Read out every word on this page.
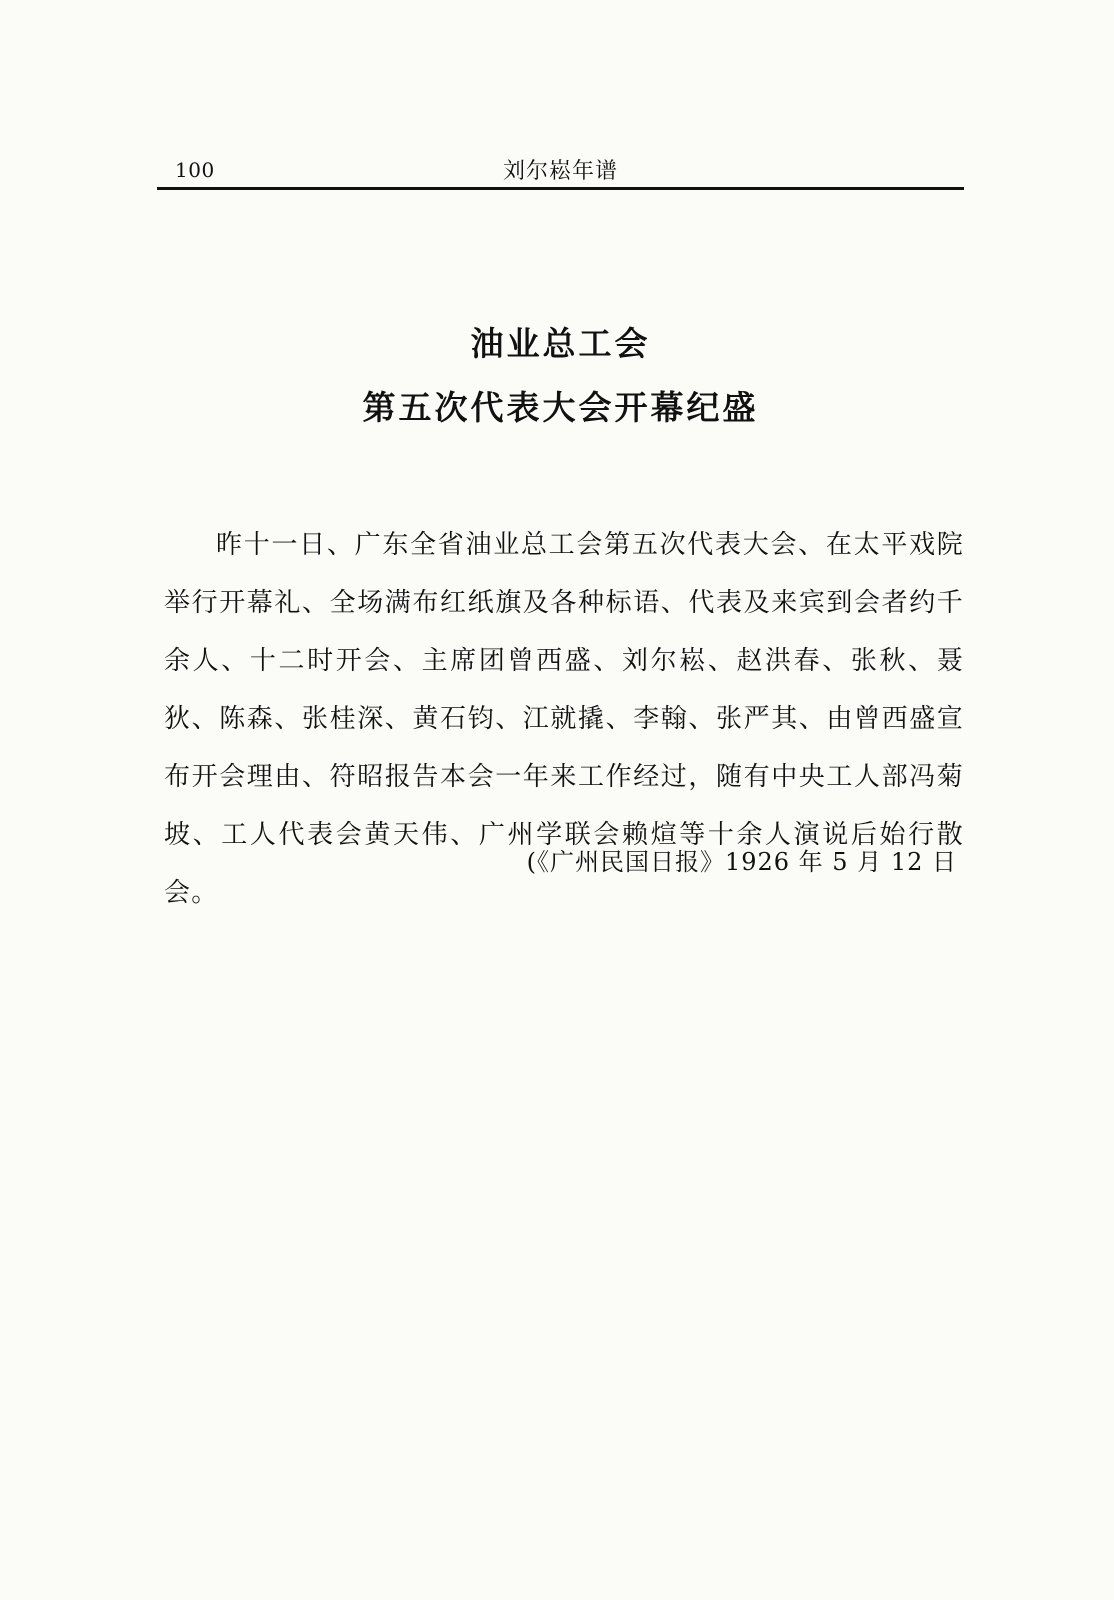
100	刘尔崧年谱
油业总工会
第五次代表大会开幕纪盛

昨十一日、广东全省油业总工会第五次代表大会、在太平戏院举行开幕礼、全场满布红纸旗及各种标语、代表及来宾到会者约千余人、十二时开会、主席团曾西盛、刘尔崧、赵洪春、张秋、聂狄、陈森、张桂深、黄石钧、江就撬、李翰、张严其、由曾西盛宣布开会理由、符昭报告本会一年来工作经过，随有中央工人部冯菊坡、工人代表会黄天伟、广州学联会赖煊等十余人演说后始行散会。

(《广州民国日报》1926 年 5 月 12 日
